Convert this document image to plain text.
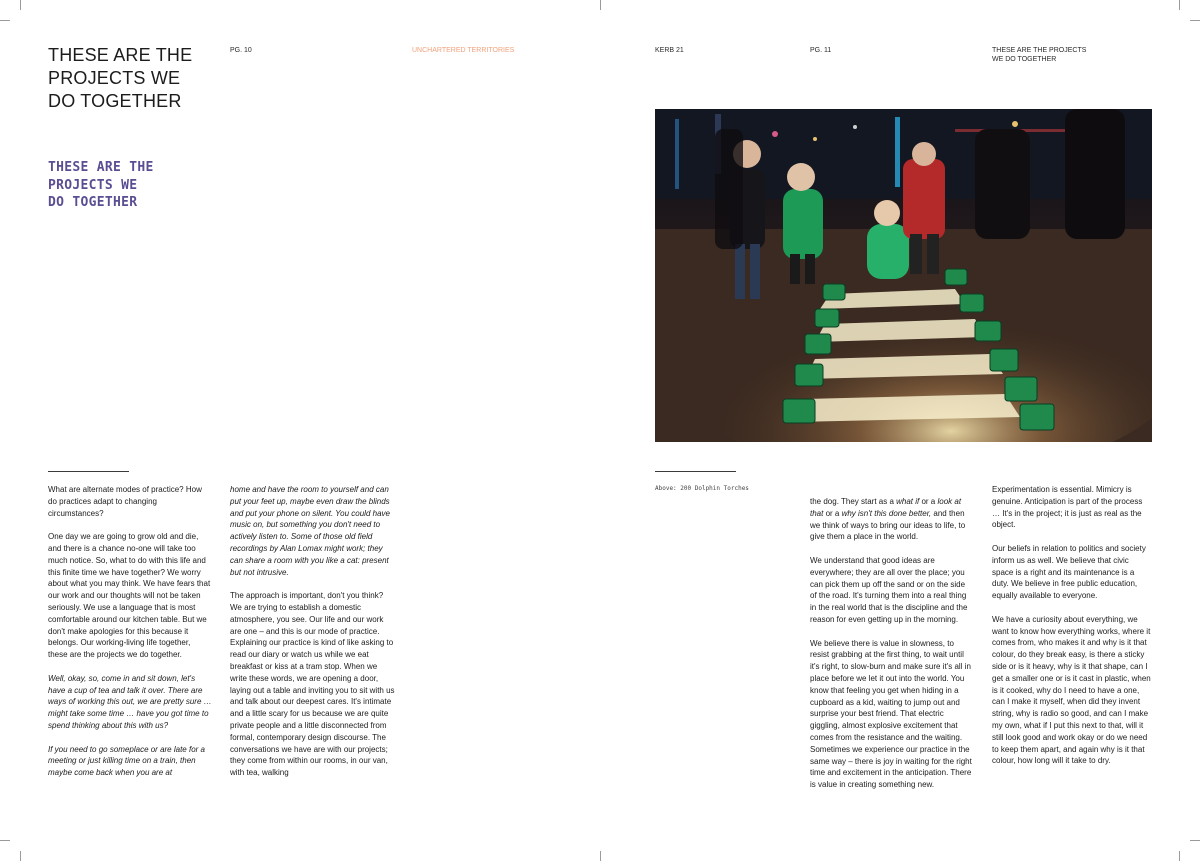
THESE ARE THE
PROJECTS WE
DO TOGETHER
PG. 10	UNCHARTERED TERRITORIES
THESE ARE THE
PROJECTS WE
DO TOGETHER

What are alternate modes of practice? How do practices adapt to changing circumstances?

One day we are going to grow old and die, and there is a chance no-one will take too much notice. So, what to do with this life and this finite time we have together? We worry about what you may think. We have fears that our work and our thoughts will not be taken seriously. We use a language that is most comfortable around our kitchen table. But we don't make apologies for this because it belongs. Our working-living life together, these are the projects we do together.

Well, okay, so, come in and sit down, let's have a cup of tea and talk it over. There are ways of working this out, we are pretty sure … might take some time … have you got time to spend thinking about this with us?

If you need to go someplace or are late for a meeting or just killing time on a train, then maybe come back when you are at

home and have the room to yourself and can put your feet up, maybe even draw the blinds and put your phone on silent. You could have music on, but something you don't need to actively listen to. Some of those old field recordings by Alan Lomax might work; they can share a room with you like a cat: present but not intrusive.

The approach is important, don't you think? We are trying to establish a domestic atmosphere, you see. Our life and our work are one – and this is our mode of practice. Explaining our practice is kind of like asking to read our diary or watch us while we eat breakfast or kiss at a tram stop. When we write these words, we are opening a door, laying out a table and inviting you to sit with us and talk about our deepest cares. It's intimate and a little scary for us because we are quite private people and a little disconnected from formal, contemporary design discourse. The conversations we have are with our projects; they come from within our rooms, in our van, with tea, walking

KERB 21	PG. 11	THESE ARE THE PROJECTS
WE DO TOGETHER
Above: 200 Dolphin Torches

the dog. They start as a what if or a look at that or a why isn't this done better, and then we think of ways to bring our ideas to life, to give them a place in the world.

We understand that good ideas are everywhere; they are all over the place; you can pick them up off the sand or on the side of the road. It's turning them into a real thing in the real world that is the discipline and the reason for even getting up in the morning.

We believe there is value in slowness, to resist grabbing at the first thing, to wait until it's right, to slow-burn and make sure it's all in place before we let it out into the world. You know that feeling you get when hiding in a cupboard as a kid, waiting to jump out and surprise your best friend. That electric giggling, almost explosive excitement that comes from the resistance and the waiting. Sometimes we experience our practice in the same way – there is joy in waiting for the right time and excitement in the anticipation. There is value in creating something new.

Experimentation is essential. Mimicry is genuine. Anticipation is part of the process … It's in the project; it is just as real as the object.

Our beliefs in relation to politics and society inform us as well. We believe that civic space is a right and its maintenance is a duty. We believe in free public education, equally available to everyone.

We have a curiosity about everything, we want to know how everything works, where it comes from, who makes it and why is it that colour, do they break easy, is there a sticky side or is it heavy, why is it that shape, can I get a smaller one or is it cast in plastic, when is it cooked, why do I need to have a one, can I make it myself, when did they invent string, why is radio so good, and can I make my own, what if I put this next to that, will it still look good and work okay or do we need to keep them apart, and again why is it that colour, how long will it take to dry.
